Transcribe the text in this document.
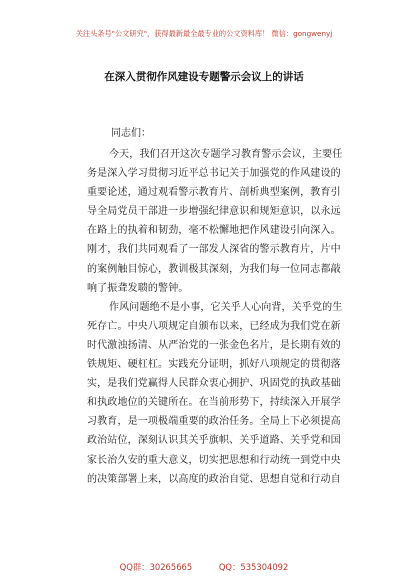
关注头条号"公文研究"，获得最新最全最专业的公文资料库！ 微信：gongwenyj
在深入贯彻作风建设专题警示会议上的讲话
同志们：
今天，我们召开这次专题学习教育警示会议，主要任
务是深入学习贯彻习近平总书记关于加强党的作风建设的
重要论述，通过观看警示教育片、剖析典型案例，教育引
导全局党员干部进一步增强纪律意识和规矩意识，以永远
在路上的执着和韧劲，毫不松懈地把作风建设引向深入。
刚才，我们共同观看了一部发人深省的警示教育片，片中
的案例触目惊心，教训极其深刻，为我们每一位同志都敲
响了振聋发聩的警钟。
作风问题绝不是小事，它关乎人心向背，关乎党的生
死存亡。中央八项规定自颁布以来，已经成为我们党在新
时代激浊扬清、从严治党的一张金色名片，是长期有效的
铁规矩、硬杠杠。实践充分证明，抓好八项规定的贯彻落
实，是我们党赢得人民群众衷心拥护、巩固党的执政基础
和执政地位的关键所在。在当前形势下，持续深入开展学
习教育，是一项极端重要的政治任务。全局上下必须提高
政治站位，深刻认识其关乎旗帜、关乎道路、关乎党和国
家长治久安的重大意义，切实把思想和行动统一到党中央
的决策部署上来，以高度的政治自觉、思想自觉和行动自
QQ群：30265665          QQ：535304092
